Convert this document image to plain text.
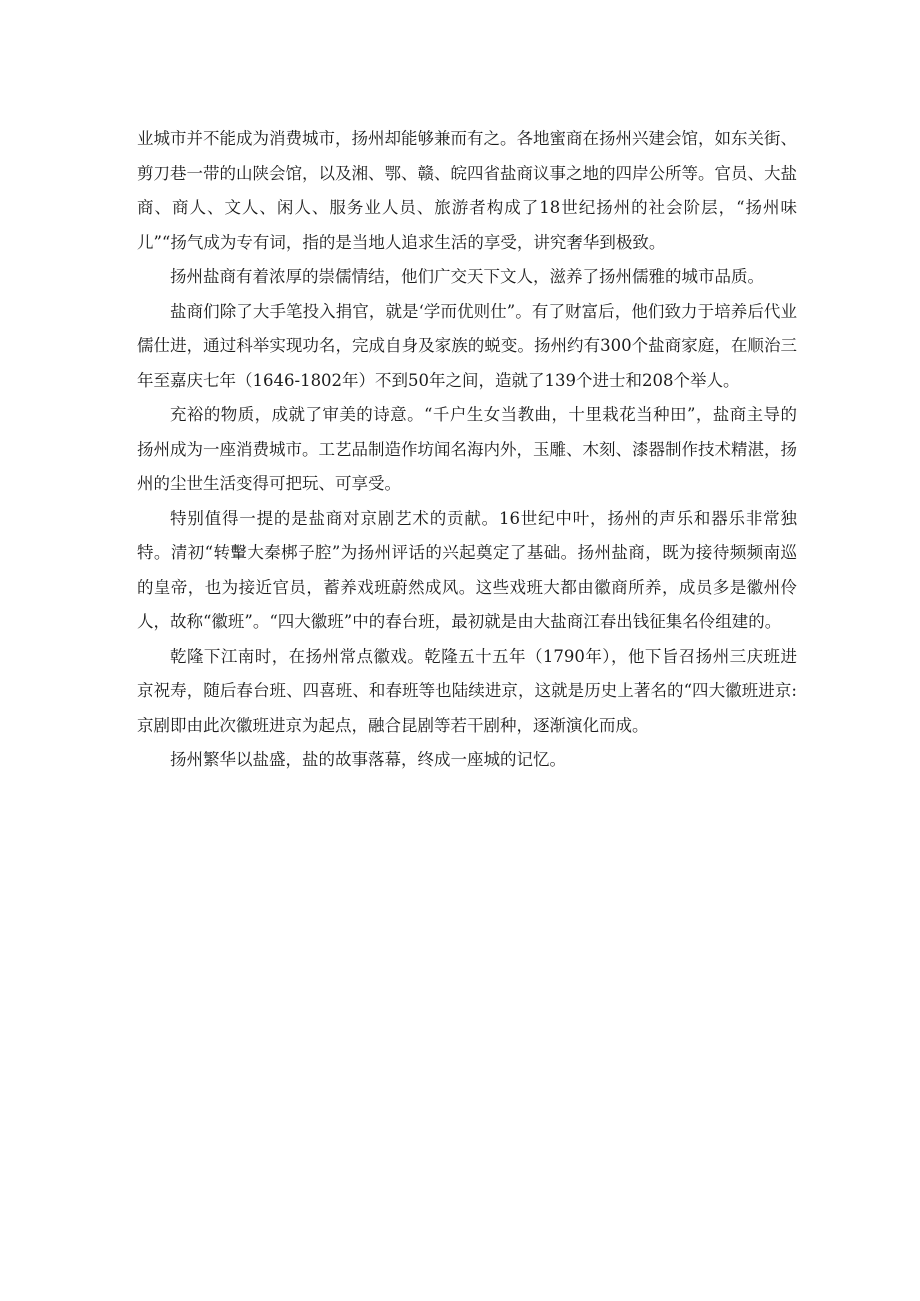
业城市并不能成为消费城市，扬州却能够兼而有之。各地蜜商在扬州兴建会馆，如东关街、剪刀巷一带的山陕会馆，以及湘、鄂、赣、皖四省盐商议事之地的四岸公所等。官员、大盐商、商人、文人、闲人、服务业人员、旅游者构成了18世纪扬州的社会阶层，“扬州味儿”“扬气成为专有词，指的是当地人追求生活的享受，讲究奢华到极致。

扬州盐商有着浓厚的崇儒情结，他们广交天下文人，滋养了扬州儒雅的城市品质。

盐商们除了大手笔投入捐官，就是‘学而优则仕”。有了财富后，他们致力于培养后代业儒仕进，通过科举实现功名，完成自身及家族的蜕变。扬州约有300个盐商家庭，在顺治三年至嘉庆七年（1646-1802年）不到50年之间，造就了139个进士和208个举人。

充裕的物质，成就了审美的诗意。“千户生女当教曲，十里栽花当种田”，盐商主导的扬州成为一座消费城市。工艺品制造作坊闻名海内外，玉雕、木刻、漆器制作技术精湛，扬州的尘世生活变得可把玩、可享受。

特别值得一提的是盐商对京剧艺术的贡献。16世纪中叶，扬州的声乐和器乐非常独特。清初“转轚大秦梆子腔”为扬州评话的兴起奠定了基础。扬州盐商，既为接待频频南巡的皇帝，也为接近官员，蓄养戏班蔚然成风。这些戏班大都由徽商所养，成员多是徽州伶人，故称“徽班”。“四大徽班”中的春台班，最初就是由大盐商江春出钱征集名伶组建的。

乾隆下江南时，在扬州常点徽戏。乾隆五十五年（1790年），他下旨召扬州三庆班进京祝寿，随后春台班、四喜班、和春班等也陆续进京，这就是历史上著名的“四大徽班进京:京剧即由此次徽班进京为起点，融合昆剧等若干剧种，逐渐演化而成。

扬州繁华以盐盛，盐的故事落幕，终成一座城的记忆。
